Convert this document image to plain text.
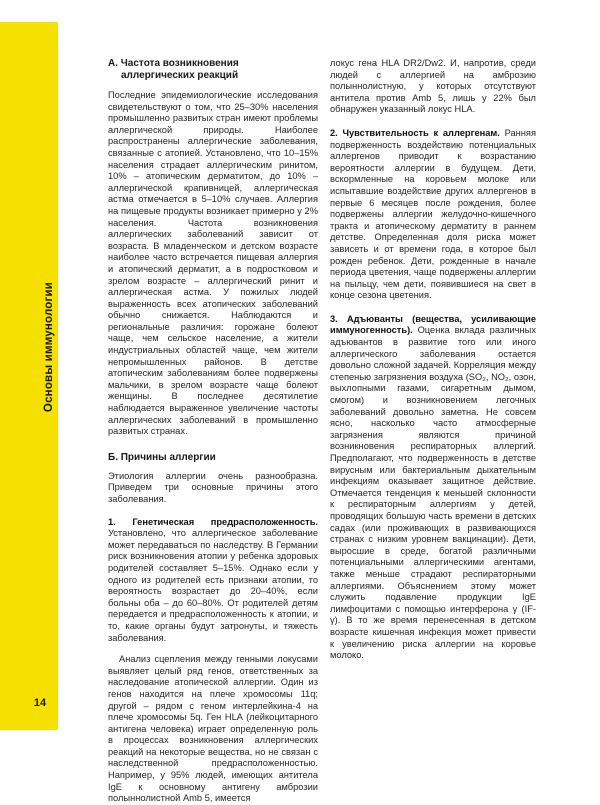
Основы иммунологии
14

А. Частота возникновения

аллергических реакций

Последние эпидемиологические исследования свидетельствуют о том, что 25–30% населения промышленно развитых стран имеют проблемы аллергической природы. Наиболее распространены аллергические заболевания, связанные с атопией. Установлено, что 10–15% населения страдает аллергическим ринитом, 10% – атопическим дерматитом, до 10% – аллергической крапивницей, аллергическая астма отмечается в 5–10% случаев. Аллергия на пищевые продукты возникает примерно у 2% населения. Частота возникновения аллергических заболеваний зависит от возраста. В младенческом и детском возрасте наиболее часто встречается пищевая аллергия и атопический дерматит, а в подростковом и зрелом возрасте – аллергический ринит и аллергическая астма. У пожилых людей выраженность всех атопических заболеваний обычно снижается. Наблюдаются и региональные различия: горожане болеют чаще, чем сельское население, а жители индустриальных областей чаще, чем жители непромышленных районов. В детстве атопическим заболеваниям более подвержены мальчики, в зрелом возрасте чаще болеют женщины. В последнее десятилетие наблюдается выраженное увеличение частоты аллергических заболеваний в промышленно развитых странах.

Б. Причины аллергии

Этиология аллергии очень разнообразна. Приведем три основные причины этого заболевания.

1. Генетическая предрасположенность. Установлено, что аллергическое заболевание может передаваться по наследству. В Германии риск возникновения атопии у ребенка здоровых родителей составляет 5–15%. Однако если у одного из родителей есть признаки атопии, то вероятность возрастает до 20–40%, если больны оба – до 60–80%. От родителей детям передается и предрасположенность к атопии, и то, какие органы будут затронуты, и тяжесть заболевания.

Анализ сцепления между генными локусами выявляет целый ряд генов, ответственных за наследование атопической аллергии. Один из генов находится на плече хромосомы 11q; другой – рядом с геном интерлейкина-4 на плече хромосомы 5q. Ген HLA (лейкоцитарного антигена человека) играет определенную роль в процессах возникновения аллергических реакций на некоторые вещества, но не связан с наследственной предрасположенностью. Например, у 95% людей, имеющих антитела IgE к основному антигену амброзии полыннолистной Amb 5, имеется

локус гена HLA DR2/Dw2. И, напротив, среди людей с аллергией на амброзию полыннолистную, у которых отсутствуют антитела против Amb 5, лишь у 22% был обнаружен указанный локус HLA.

2. Чувствительность к аллергенам. Ранняя подверженность воздействию потенциальных аллергенов приводит к возрастанию вероятности аллергии в будущем. Дети, вскормленные на коровьем молоке или испытавшие воздействие других аллергенов в первые 6 месяцев после рождения, более подвержены аллергии желудочно-кишечного тракта и атопическому дерматиту в раннем детстве. Определенная доля риска может зависеть и от времени года, в которое был рожден ребенок. Дети, рожденные в начале периода цветения, чаще подвержены аллергии на пыльцу, чем дети, появившиеся на свет в конце сезона цветения.

3. Адъюванты (вещества, усиливающие иммуногенность). Оценка вклада различных адъювантов в развитие того или иного аллергического заболевания остается довольно сложной задачей. Корреляция между степенью загрязнения воздуха (SO₂, NO₂, озон, выхлопными газами, сигаретным дымом, смогом) и возникновением легочных заболеваний довольно заметна. Не совсем ясно, насколько часто атмосферные загрязнения являются причиной возникновения респираторных аллергий. Предполагают, что подверженность в детстве вирусным или бактериальным дыхательным инфекциям оказывает защитное действие. Отмечается тенденция к меньшей склонности к респираторным аллергиям у детей, проводящих большую часть времени в детских садах (или проживающих в развивающихся странах с низким уровнем вакцинации). Дети, выросшие в среде, богатой различными потенциальными аллергическими агентами, также меньше страдают респираторными аллергиями. Объяснением этому может служить подавление продукции IgE лимфоцитами с помощью интерферона γ (IF-γ). В то же время перенесенная в детском возрасте кишечная инфекция может привести к увеличению риска аллергии на коровье молоко.
